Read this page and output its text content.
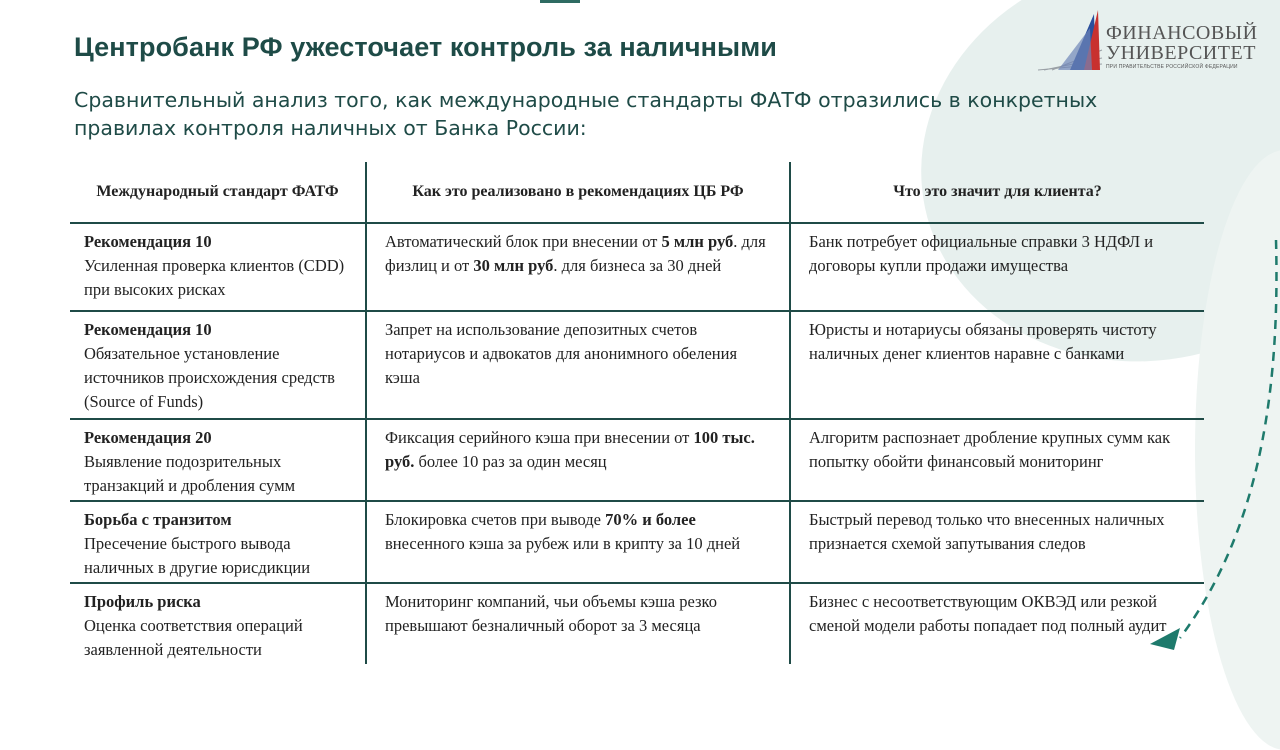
Центробанк РФ ужесточает контроль за наличными

Сравнительный анализ того, как международные стандарты ФАТФ отразились в конкретных правилах контроля наличных от Банка России:

ФИНАНСОВЫЙ
УНИВЕРСИТЕТ
ПРИ ПРАВИТЕЛЬСТВЕ РОССИЙСКОЙ ФЕДЕРАЦИИ
Международный стандарт ФАТФ	Как это реализовано в рекомендациях ЦБ РФ	Что это значит для клиента?

Рекомендация 10
Усиленная проверка клиентов (CDD) при высоких рисках	Автоматический блок при внесении от 5 млн руб. для физлиц и от 30 млн руб. для бизнеса за 30 дней	Банк потребует официальные справки 3 НДФЛ и договоры купли продажи имущества

Рекомендация 10
Обязательное установление источников происхождения средств (Source of Funds)	Запрет на использование депозитных счетов нотариусов и адвокатов для анонимного обеления кэша	Юристы и нотариусы обязаны проверять чистоту наличных денег клиентов наравне с банками

Рекомендация 20
Выявление подозрительных транзакций и дробления сумм	Фиксация серийного кэша при внесении от 100 тыс. руб. более 10 раз за один месяц	Алгоритм распознает дробление крупных сумм как попытку обойти финансовый мониторинг

Борьба с транзитом
Пресечение быстрого вывода наличных в другие юрисдикции	Блокировка счетов при выводе 70% и более внесенного кэша за рубеж или в крипту за 10 дней	Быстрый перевод только что внесенных наличных признается схемой запутывания следов

Профиль риска
Оценка соответствия операций заявленной деятельности	Мониторинг компаний, чьи объемы кэша резко превышают безналичный оборот за 3 месяца	Бизнес с несоответствующим ОКВЭД или резкой сменой модели работы попадает под полный аудит
